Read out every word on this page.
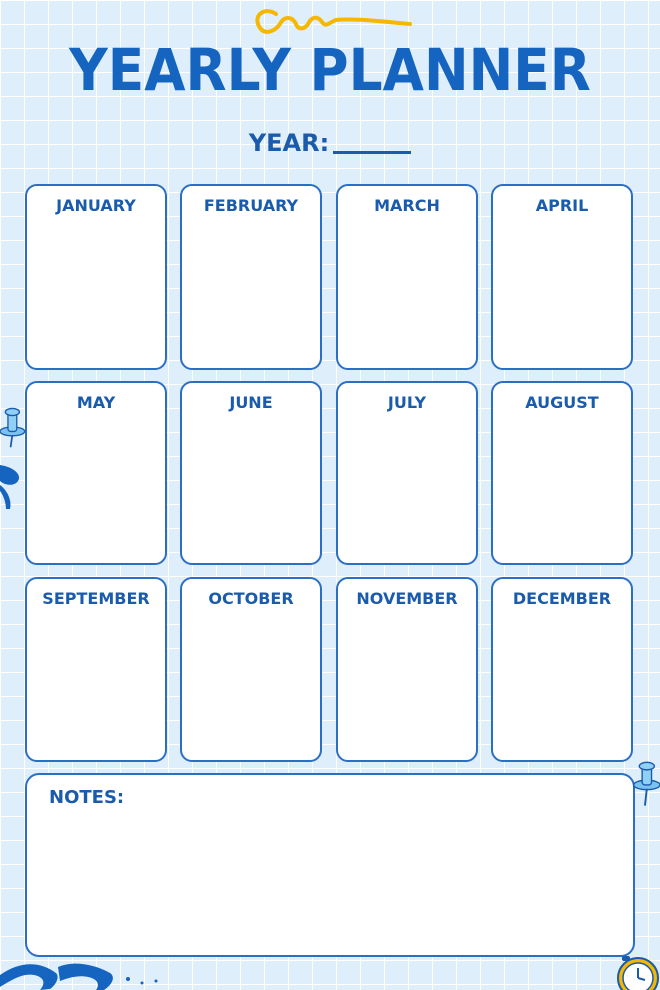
YEARLY PLANNER
YEAR:
JANUARY	FEBRUARY	MARCH	APRIL
MAY	JUNE	JULY	AUGUST
SEPTEMBER	OCTOBER	NOVEMBER	DECEMBER
NOTES:
